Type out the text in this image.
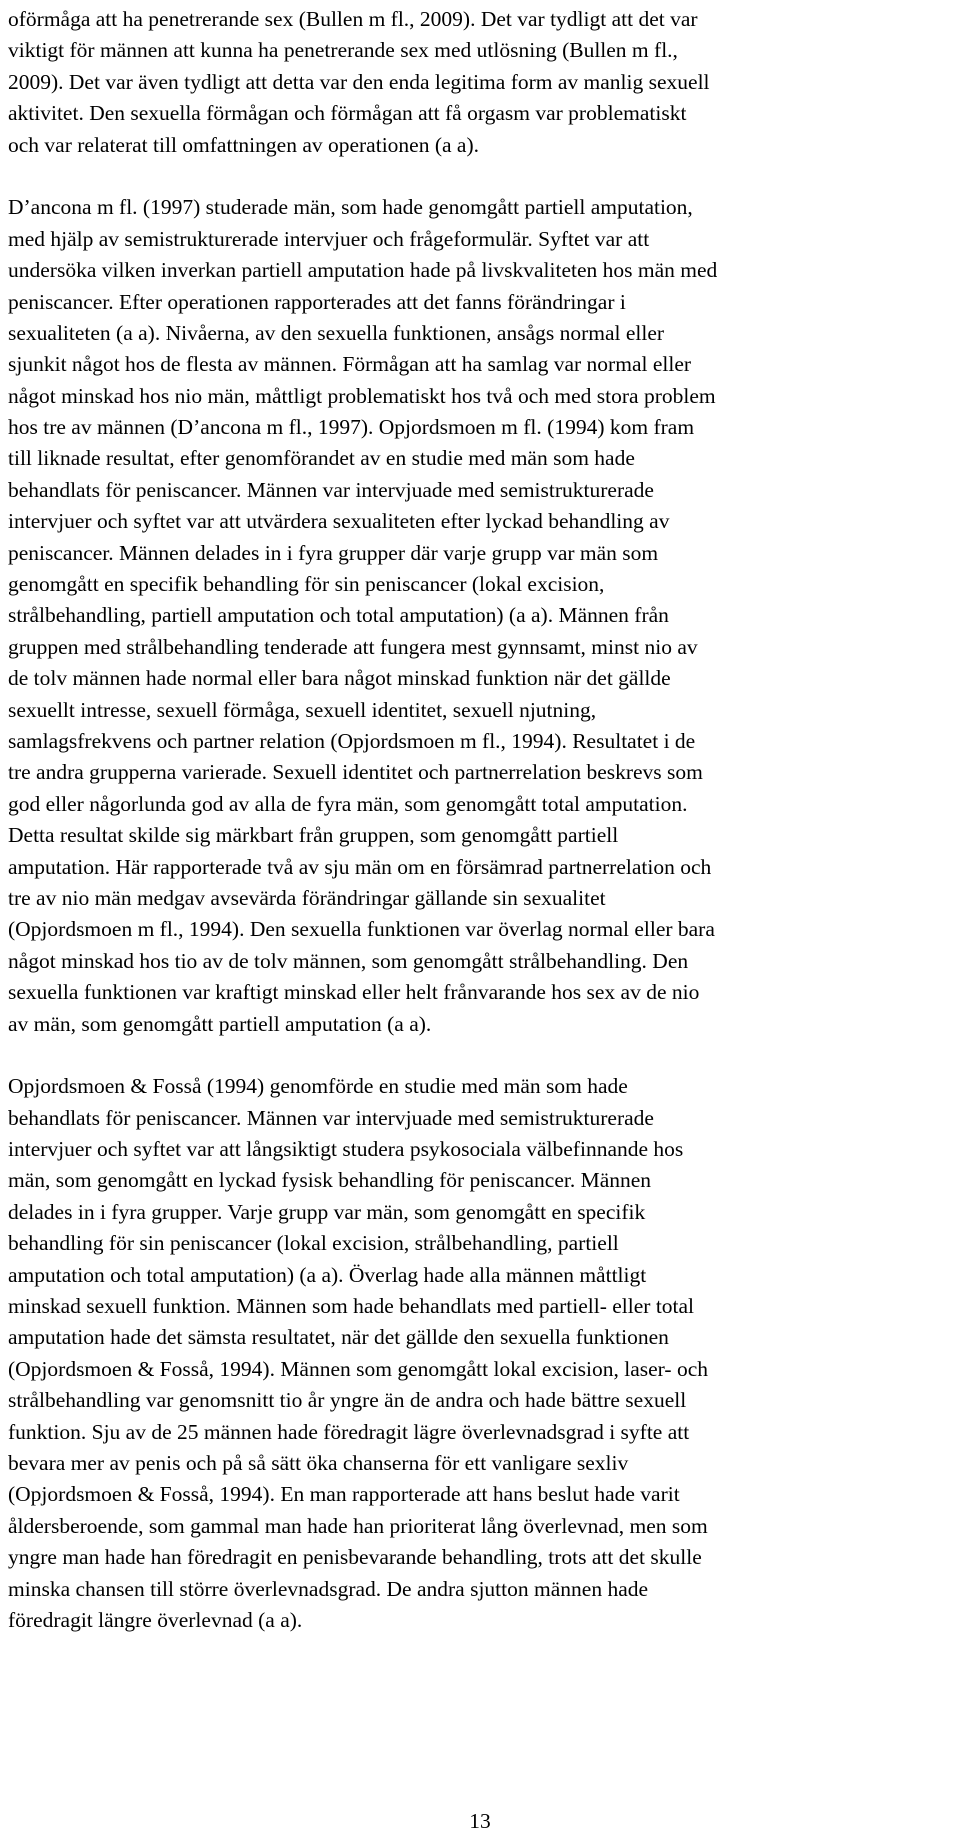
oförmåga att ha penetrerande sex (Bullen m fl., 2009). Det var tydligt att det var
viktigt för männen att kunna ha penetrerande sex med utlösning (Bullen m fl.,
2009). Det var även tydligt att detta var den enda legitima form av manlig sexuell
aktivitet. Den sexuella förmågan och förmågan att få orgasm var problematiskt
och var relaterat till omfattningen av operationen (a a).
D’ancona m fl. (1997) studerade män, som hade genomgått partiell amputation,
med hjälp av semistrukturerade intervjuer och frågeformulär. Syftet var att
undersöka vilken inverkan partiell amputation hade på livskvaliteten hos män med
peniscancer. Efter operationen rapporterades att det fanns förändringar i
sexualiteten (a a). Nivåerna, av den sexuella funktionen, ansågs normal eller
sjunkit något hos de flesta av männen. Förmågan att ha samlag var normal eller
något minskad hos nio män, måttligt problematiskt hos två och med stora problem
hos tre av männen (D’ancona m fl., 1997). Opjordsmoen m fl. (1994) kom fram
till liknade resultat, efter genomförandet av en studie med män som hade
behandlats för peniscancer. Männen var intervjuade med semistrukturerade
intervjuer och syftet var att utvärdera sexualiteten efter lyckad behandling av
peniscancer. Männen delades in i fyra grupper där varje grupp var män som
genomgått en specifik behandling för sin peniscancer (lokal excision,
strålbehandling, partiell amputation och total amputation) (a a). Männen från
gruppen med strålbehandling tenderade att fungera mest gynnsamt, minst nio av
de tolv männen hade normal eller bara något minskad funktion när det gällde
sexuellt intresse, sexuell förmåga, sexuell identitet, sexuell njutning,
samlagsfrekvens och partner relation (Opjordsmoen m fl., 1994). Resultatet i de
tre andra grupperna varierade. Sexuell identitet och partnerrelation beskrevs som
god eller någorlunda god av alla de fyra män, som genomgått total amputation.
Detta resultat skilde sig märkbart från gruppen, som genomgått partiell
amputation. Här rapporterade två av sju män om en försämrad partnerrelation och
tre av nio män medgav avsevärda förändringar gällande sin sexualitet
(Opjordsmoen m fl., 1994). Den sexuella funktionen var överlag normal eller bara
något minskad hos tio av de tolv männen, som genomgått strålbehandling. Den
sexuella funktionen var kraftigt minskad eller helt frånvarande hos sex av de nio
av män, som genomgått partiell amputation (a a).
Opjordsmoen & Fosså (1994) genomförde en studie med män som hade
behandlats för peniscancer. Männen var intervjuade med semistrukturerade
intervjuer och syftet var att långsiktigt studera psykosociala välbefinnande hos
män, som genomgått en lyckad fysisk behandling för peniscancer. Männen
delades in i fyra grupper. Varje grupp var män, som genomgått en specifik
behandling för sin peniscancer (lokal excision, strålbehandling, partiell
amputation och total amputation) (a a). Överlag hade alla männen måttligt
minskad sexuell funktion. Männen som hade behandlats med partiell- eller total
amputation hade det sämsta resultatet, när det gällde den sexuella funktionen
(Opjordsmoen & Fosså, 1994). Männen som genomgått lokal excision, laser- och
strålbehandling var genomsnitt tio år yngre än de andra och hade bättre sexuell
funktion. Sju av de 25 männen hade föredragit lägre överlevnadsgrad i syfte att
bevara mer av penis och på så sätt öka chanserna för ett vanligare sexliv
(Opjordsmoen & Fosså, 1994). En man rapporterade att hans beslut hade varit
åldersberoende, som gammal man hade han prioriterat lång överlevnad, men som
yngre man hade han föredragit en penisbevarande behandling, trots att det skulle
minska chansen till större överlevnadsgrad. De andra sjutton männen hade
föredragit längre överlevnad (a a).
13
